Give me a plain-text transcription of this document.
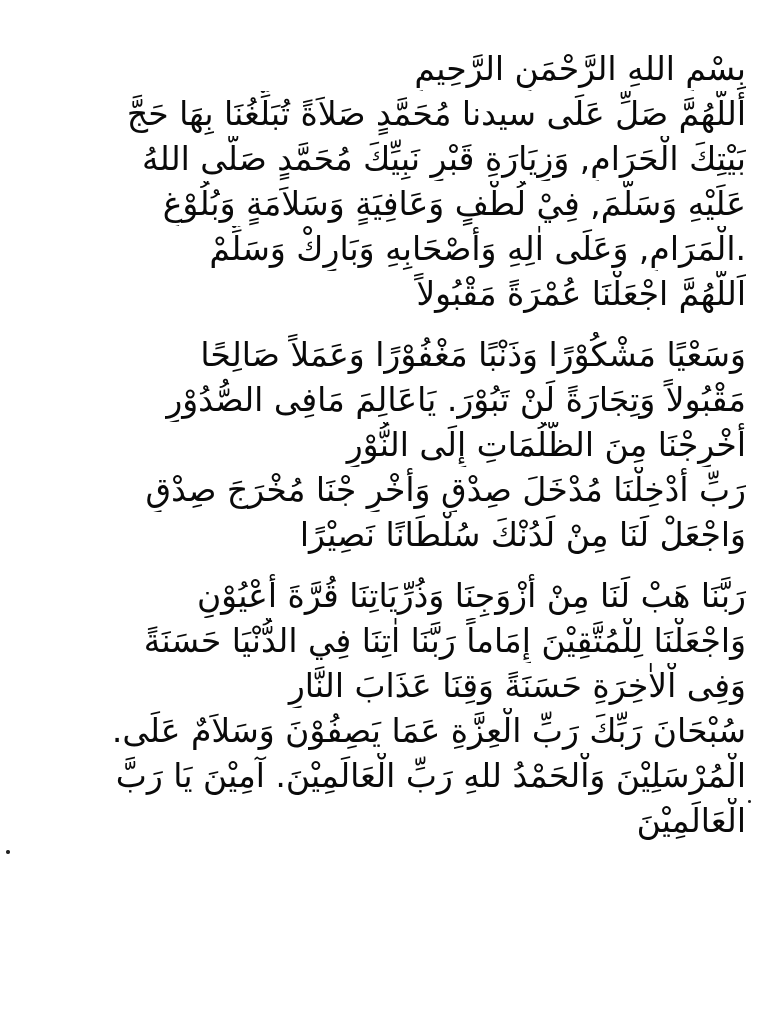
بِسْمِ اللهِ الرَّحْمَنِ الرَّحِيمِ
أَللَّهُمَّ صَلِّ عَلَى سيدنا مُحَمَّدٍ صَلاَةً تُبَلِّغُنَا بِهَا حَجَّ
بَيْتِكَ الْحَرَامِ, وَزِيَارَةِ قَبْرِ نَبِيِّكَ مُحَمَّدٍ صَلَّى اللهُ
عَلَيْهِ وَسَلَّمَ, فِيْ لُطْفٍ وَعَافِيَةٍ وَسَلاَمَةٍ وَبُلُوْغِ
.الْمَرَامِ, وَعَلَى اٰلِهِ وَأَصْحَابِهِ وَبَارِكْ وَسَلِّمْ
اَللَّهُمَّ اجْعَلْنَا عُمْرَةً مَقْبُولاً
وَسَعْيًا مَشْكُوْرًا وَذَنْبًا مَغْفُوْرًا وَعَمَلاً صَالِحًا
مَقْبُولاً وَتِجَارَةً لَنْ تَبُوْرَ. يَاعَالِمَ مَافِى الصُّدُوْرِ
أَخْرِجْنَا مِنَ الظُّلُمَاتِ إِلَى النُّوْرِ
رَبِّ أَدْخِلْنَا مُدْخَلَ صِدْقٍ وَأَخْرِ جْنَا مُخْرَجَ صِدْقٍ
وَاجْعَلْ لَنَا مِنْ لَدُنْكَ سُلْطَانًا نَصِيْرًا
رَبَّنَا هَبْ لَنَا مِنْ أَزْوَجِنَا وَذُرِّيَاتِنَا قُرَّةَ أَعْيُوْنٍ
وَاجْعَلْنَا لِلْمُتَّقِيْنَ إِمَاماً رَبَّنَا اٰتِنَا فِي الدُّنْيَا حَسَنَةً
وَفِى اْلاٰخِرَةِ حَسَنَةً وَقِنَا عَذَابَ النَّارِ
سُبْحَانَ رَبِّكَ رَبِّ الْعِزَّةِ عَمَا يَصِفُوْنَ وَسَلاَمٌ عَلَى.
الْمُرْسَلِيْنَ وَاْلحَمْدُ للهِ رَبِّ الْعَالَمِيْنَ. آمِيْنَ يَا رَبَّ
الْعَالَمِيْنَ
